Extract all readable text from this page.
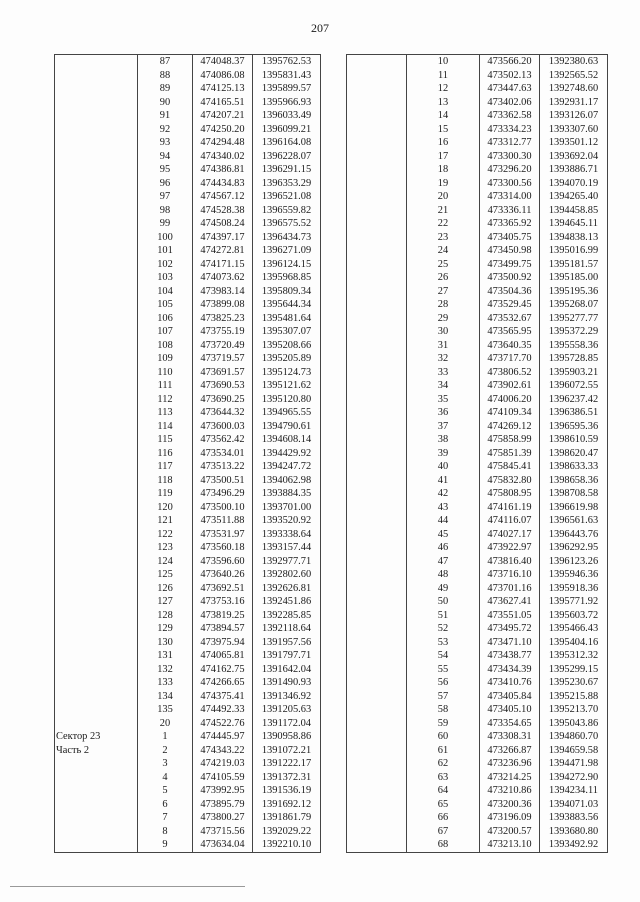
207
	87	474048.37	1395762.53
	88	474086.08	1395831.43
	89	474125.13	1395899.57
	90	474165.51	1395966.93
	91	474207.21	1396033.49
	92	474250.20	1396099.21
	93	474294.48	1396164.08
	94	474340.02	1396228.07
	95	474386.81	1396291.15
	96	474434.83	1396353.29
	97	474567.12	1396521.08
	98	474528.38	1396559.82
	99	474508.24	1396575.52
	100	474397.17	1396434.73
	101	474272.81	1396271.09
	102	474171.15	1396124.15
	103	474073.62	1395968.85
	104	473983.14	1395809.34
	105	473899.08	1395644.34
	106	473825.23	1395481.64
	107	473755.19	1395307.07
	108	473720.49	1395208.66
	109	473719.57	1395205.89
	110	473691.57	1395124.73
	111	473690.53	1395121.62
	112	473690.25	1395120.80
	113	473644.32	1394965.55
	114	473600.03	1394790.61
	115	473562.42	1394608.14
	116	473534.01	1394429.92
	117	473513.22	1394247.72
	118	473500.51	1394062.98
	119	473496.29	1393884.35
	120	473500.10	1393701.00
	121	473511.88	1393520.92
	122	473531.97	1393338.64
	123	473560.18	1393157.44
	124	473596.60	1392977.71
	125	473640.26	1392802.60
	126	473692.51	1392626.81
	127	473753.16	1392451.86
	128	473819.25	1392285.85
	129	473894.57	1392118.64
	130	473975.94	1391957.56
	131	474065.81	1391797.71
	132	474162.75	1391642.04
	133	474266.65	1391490.93
	134	474375.41	1391346.92
	135	474492.33	1391205.63
	20	474522.76	1391172.04
Сектор 23	1	474445.97	1390958.86
Часть 2	2	474343.22	1391072.21
	3	474219.03	1391222.17
	4	474105.59	1391372.31
	5	473992.95	1391536.19
	6	473895.79	1391692.12
	7	473800.27	1391861.79
	8	473715.56	1392029.22
	9	473634.04	1392210.10
	10	473566.20	1392380.63
	11	473502.13	1392565.52
	12	473447.63	1392748.60
	13	473402.06	1392931.17
	14	473362.58	1393126.07
	15	473334.23	1393307.60
	16	473312.77	1393501.12
	17	473300.30	1393692.04
	18	473296.20	1393886.71
	19	473300.56	1394070.19
	20	473314.00	1394265.40
	21	473336.11	1394458.85
	22	473365.92	1394645.11
	23	473405.75	1394838.13
	24	473450.98	1395016.99
	25	473499.75	1395181.57
	26	473500.92	1395185.00
	27	473504.36	1395195.36
	28	473529.45	1395268.07
	29	473532.67	1395277.77
	30	473565.95	1395372.29
	31	473640.35	1395558.36
	32	473717.70	1395728.85
	33	473806.52	1395903.21
	34	473902.61	1396072.55
	35	474006.20	1396237.42
	36	474109.34	1396386.51
	37	474269.12	1396595.36
	38	475858.99	1398610.59
	39	475851.39	1398620.47
	40	475845.41	1398633.33
	41	475832.80	1398658.36
	42	475808.95	1398708.58
	43	474161.19	1396619.98
	44	474116.07	1396561.63
	45	474027.17	1396443.76
	46	473922.97	1396292.95
	47	473816.40	1396123.26
	48	473716.10	1395946.36
	49	473701.16	1395918.36
	50	473627.41	1395771.92
	51	473551.05	1395603.72
	52	473495.72	1395466.43
	53	473471.10	1395404.16
	54	473438.77	1395312.32
	55	473434.39	1395299.15
	56	473410.76	1395230.67
	57	473405.84	1395215.88
	58	473405.10	1395213.70
	59	473354.65	1395043.86
	60	473308.31	1394860.70
	61	473266.87	1394659.58
	62	473236.96	1394471.98
	63	473214.25	1394272.90
	64	473210.86	1394234.11
	65	473200.36	1394071.03
	66	473196.09	1393883.56
	67	473200.57	1393680.80
	68	473213.10	1393492.92
